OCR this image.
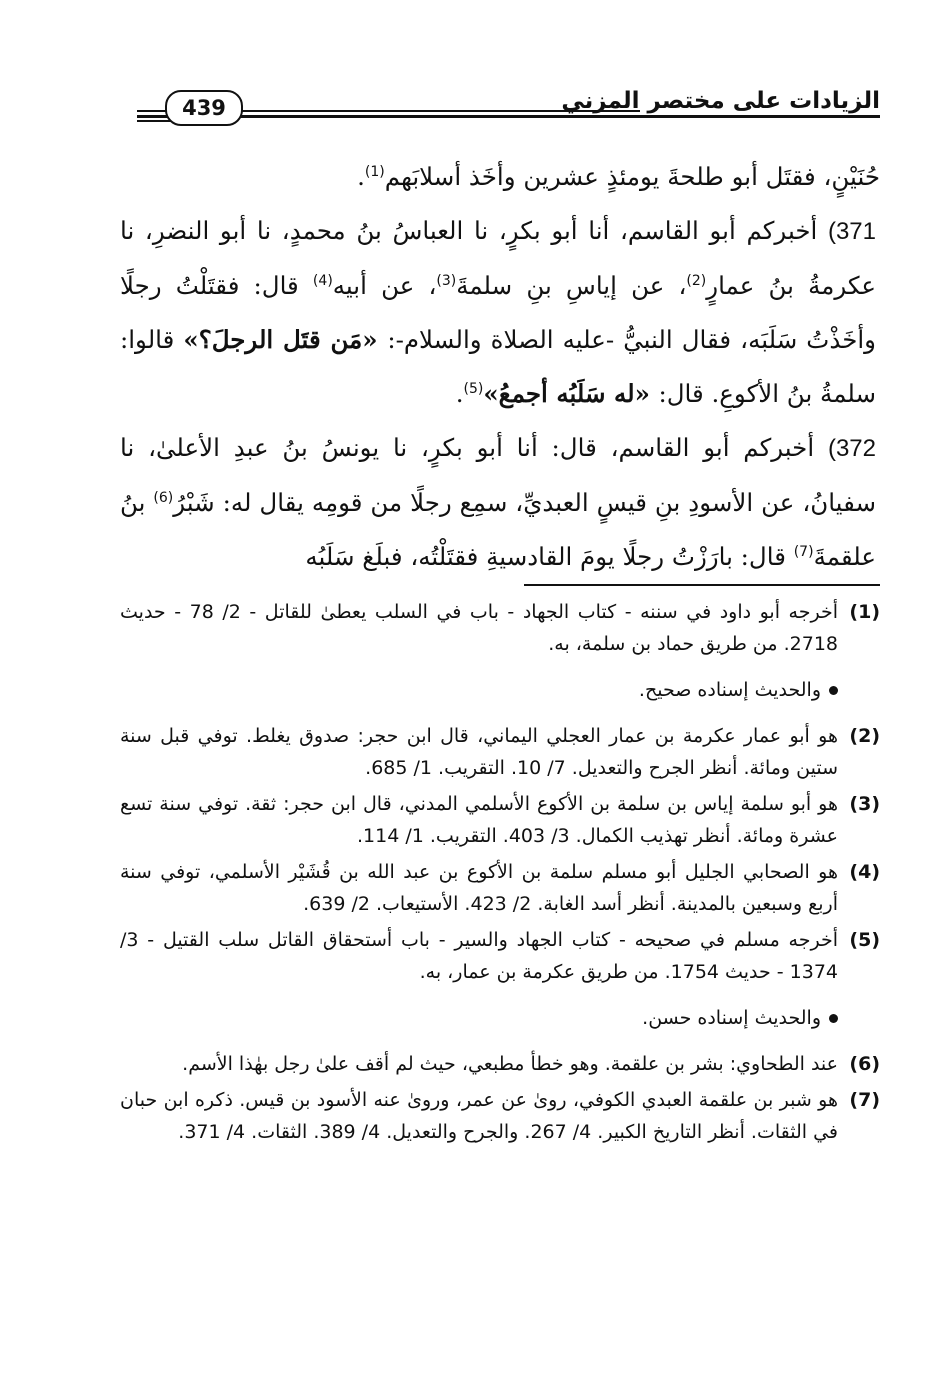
439	الزيادات على مختصر المزني

حُنَيْنٍ، فقتَل أبو طلحةَ يومئذٍ عشرين وأخَذ أسلابَهم$^{(1)}$.

371) أخبركم أبو القاسم، أنا أبو بكرٍ، نا العباسُ بنُ محمدٍ، نا أبو النضرِ، نا عكرمةُ بنُ عمارٍ$^{(2)}$، عن إياسِ بنِ سلمةَ$^{(3)}$، عن أبيه$^{(4)}$ قال: فقتَلْتُ رجلًا وأخَذْتُ سَلَبَه، فقال النبيُّ -عليه الصلاة والسلام-: «مَن قتَل الرجلَ؟» قالوا: سلمةُ بنُ الأكوعِ. قال: «له سَلَبُه أجمعُ»$^{(5)}$.

372) أخبركم أبو القاسم، قال: أنا أبو بكرٍ، نا يونسُ بنُ عبدِ الأعلىٰ، نا سفيانُ، عن الأسودِ بنِ قيسٍ العبديِّ، سمِع رجلًا من قومِه يقال له: شَبْرُ$^{(6)}$ بنُ علقمةَ$^{(7)}$ قال: بارَزْتُ رجلًا يومَ القادسيةِ فقتَلْتُه، فبلَغ سَلَبُه

(1)
أخرجه أبو داود في سننه - كتاب الجهاد - باب في السلب يعطىٰ للقاتل - 2/ 78 - حديث 2718. من طريق حماد بن سلمة، به.
والحديث إسناده صحيح.
(2)
هو أبو عمار عكرمة بن عمار العجلي اليماني، قال ابن حجر: صدوق يغلط. توفي قبل سنة ستين ومائة. أنظر الجرح والتعديل. 7/ 10. التقريب. 1/ 685.
(3)
هو أبو سلمة إياس بن سلمة بن الأكوع الأسلمي المدني، قال ابن حجر: ثقة. توفي سنة تسع عشرة ومائة. أنظر تهذيب الكمال. 3/ 403. التقريب. 1/ 114.
(4)
هو الصحابي الجليل أبو مسلم سلمة بن الأكوع بن عبد الله بن قُشَيْر الأسلمي، توفي سنة أربع وسبعين بالمدينة. أنظر أسد الغابة. 2/ 423. الأستيعاب. 2/ 639.
(5)
أخرجه مسلم في صحيحه - كتاب الجهاد والسير - باب أستحقاق القاتل سلب القتيل - 3/ 1374 - حديث 1754. من طريق عكرمة بن عمار، به.
والحديث إسناده حسن.
(6)
عند الطحاوي: بشر بن علقمة. وهو خطأ مطبعي، حيث لم أقف علىٰ رجل بهٰذا الأسم.
(7)
هو شبر بن علقمة العبدي الكوفي، روىٰ عن عمر، وروىٰ عنه الأسود بن قيس. ذكره ابن حبان في الثقات. أنظر التاريخ الكبير. 4/ 267. والجرح والتعديل. 4/ 389. الثقات. 4/ 371.
